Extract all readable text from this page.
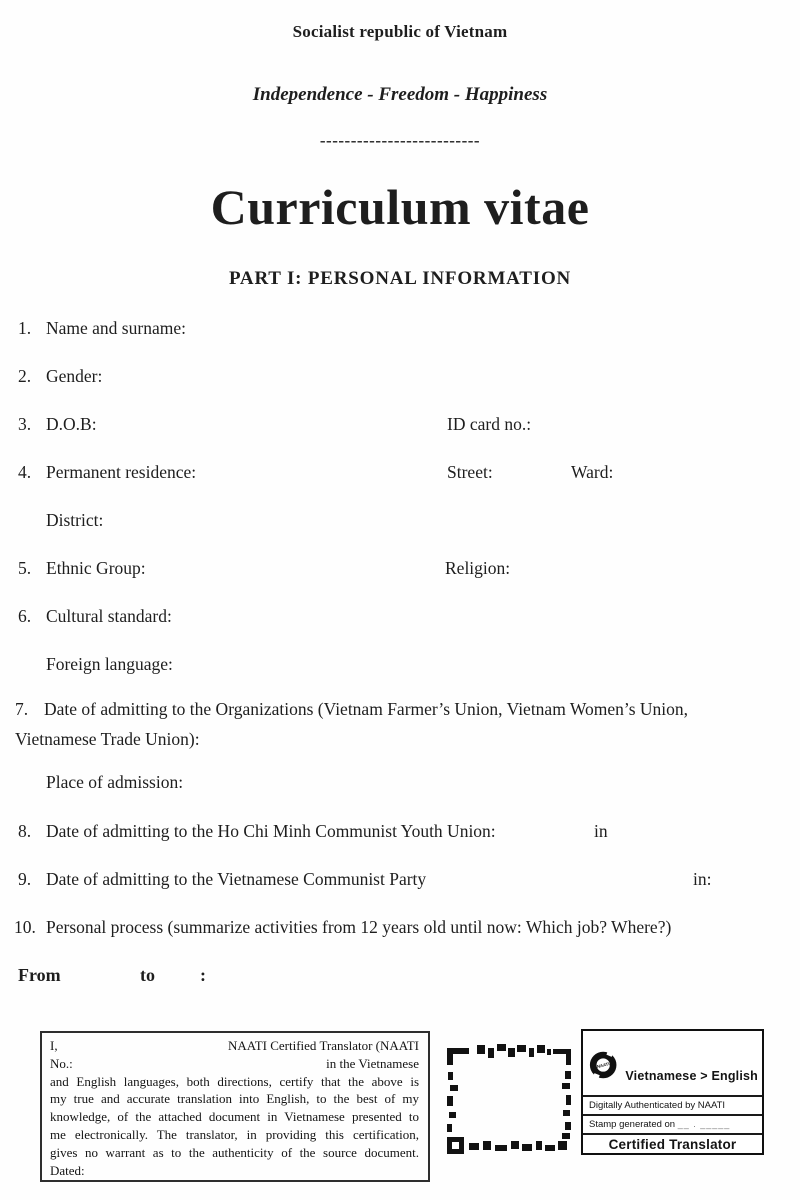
Socialist republic of Vietnam
Independence - Freedom - Happiness
--------------------------
Curriculum vitae
PART I: PERSONAL INFORMATION
1. Name and surname:
2. Gender:
3. D.O.B:	ID card no.:
4. Permanent residence:	Street:	Ward:
District:
5. Ethnic Group:	Religion:
6. Cultural standard:
Foreign language:
7. Date of admitting to the Organizations (Vietnam Farmer’s Union, Vietnam Women’s Union, Vietnamese Trade Union):
Place of admission:
8. Date of admitting to the Ho Chi Minh Communist Youth Union:	in
9. Date of admitting to the Vietnamese Communist Party	in:
10. Personal process (summarize activities from 12 years old until now: Which job? Where?)
From	to	:
I,	NAATI Certified Translator (NAATI
No.:	in the Vietnamese
and English languages, both directions, certify that the above is
my true and accurate translation into English, to the best of my
knowledge, of the attached document in Vietnamese presented to
me electronically. The translator, in providing this certification,
gives no warrant as to the authenticity of the source document.
Dated:
NAATI
Vietnamese > English
Digitally Authenticated by NAATI
Stamp generated on __ . _____
Certified Translator
